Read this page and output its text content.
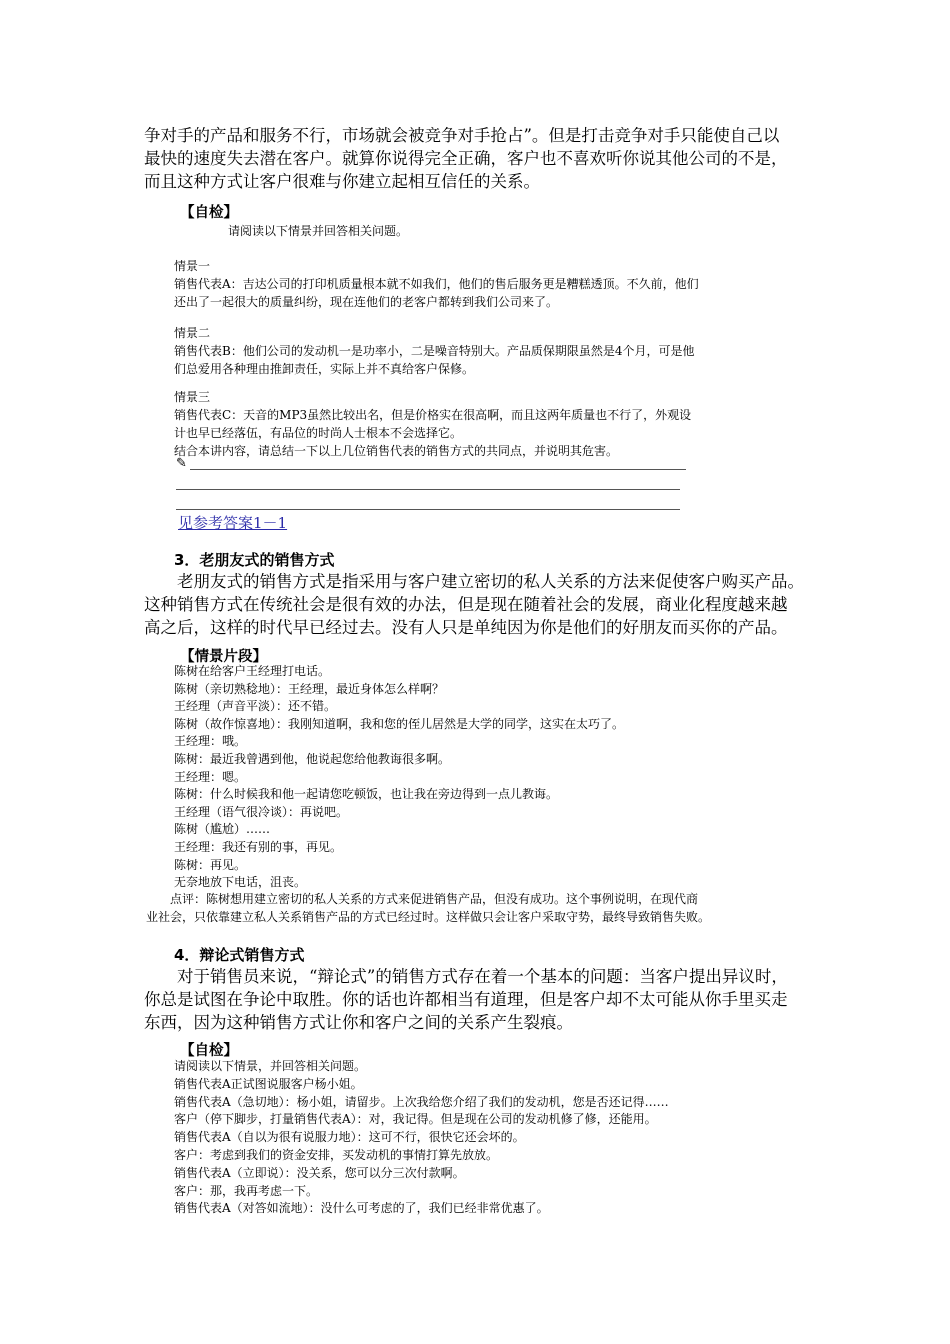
争对手的产品和服务不行，市场就会被竞争对手抢占”。但是打击竞争对手只能使自己以
最快的速度失去潜在客户。就算你说得完全正确，客户也不喜欢听你说其他公司的不是，
而且这种方式让客户很难与你建立起相互信任的关系。
【自检】
请阅读以下情景并回答相关问题。
情景一
销售代表A：吉达公司的打印机质量根本就不如我们，他们的售后服务更是糟糕透顶。不久前，他们
还出了一起很大的质量纠纷，现在连他们的老客户都转到我们公司来了。
情景二
销售代表B：他们公司的发动机一是功率小，二是噪音特别大。产品质保期限虽然是4个月，可是他
们总爱用各种理由推卸责任，实际上并不真给客户保修。
情景三
销售代表C：天音的MP3虽然比较出名，但是价格实在很高啊，而且这两年质量也不行了，外观设
计也早已经落伍，有品位的时尚人士根本不会选择它。
结合本讲内容，请总结一下以上几位销售代表的销售方式的共同点，并说明其危害。
✎
见参考答案1－1
3．老朋友式的销售方式
老朋友式的销售方式是指采用与客户建立密切的私人关系的方法来促使客户购买产品。
这种销售方式在传统社会是很有效的办法，但是现在随着社会的发展，商业化程度越来越
高之后，这样的时代早已经过去。没有人只是单纯因为你是他们的好朋友而买你的产品。
【情景片段】
陈树在给客户王经理打电话。
陈树（亲切熟稔地）：王经理，最近身体怎么样啊？
王经理（声音平淡）：还不错。
陈树（故作惊喜地）：我刚知道啊，我和您的侄儿居然是大学的同学，这实在太巧了。
王经理：哦。
陈树：最近我曾遇到他，他说起您给他教诲很多啊。
王经理：嗯。
陈树：什么时候我和他一起请您吃顿饭，也让我在旁边得到一点儿教诲。
王经理（语气很冷谈）：再说吧。
陈树（尴尬）……
王经理：我还有别的事，再见。
陈树：再见。
无奈地放下电话，沮丧。
点评：陈树想用建立密切的私人关系的方式来促进销售产品，但没有成功。这个事例说明，在现代商
业社会，只依靠建立私人关系销售产品的方式已经过时。这样做只会让客户采取守势，最终导致销售失败。
4．辩论式销售方式
对于销售员来说，“辩论式”的销售方式存在着一个基本的问题：当客户提出异议时，
你总是试图在争论中取胜。你的话也许都相当有道理，但是客户却不太可能从你手里买走
东西，因为这种销售方式让你和客户之间的关系产生裂痕。
【自检】
请阅读以下情景，并回答相关问题。
销售代表A正试图说服客户杨小姐。
销售代表A（急切地）：杨小姐，请留步。上次我给您介绍了我们的发动机，您是否还记得……
客户（停下脚步，打量销售代表A）：对，我记得。但是现在公司的发动机修了修，还能用。
销售代表A（自以为很有说服力地）：这可不行，很快它还会坏的。
客户：考虑到我们的资金安排，买发动机的事情打算先放放。
销售代表A（立即说）：没关系，您可以分三次付款啊。
客户：那，我再考虑一下。
销售代表A（对答如流地）：没什么可考虑的了，我们已经非常优惠了。
